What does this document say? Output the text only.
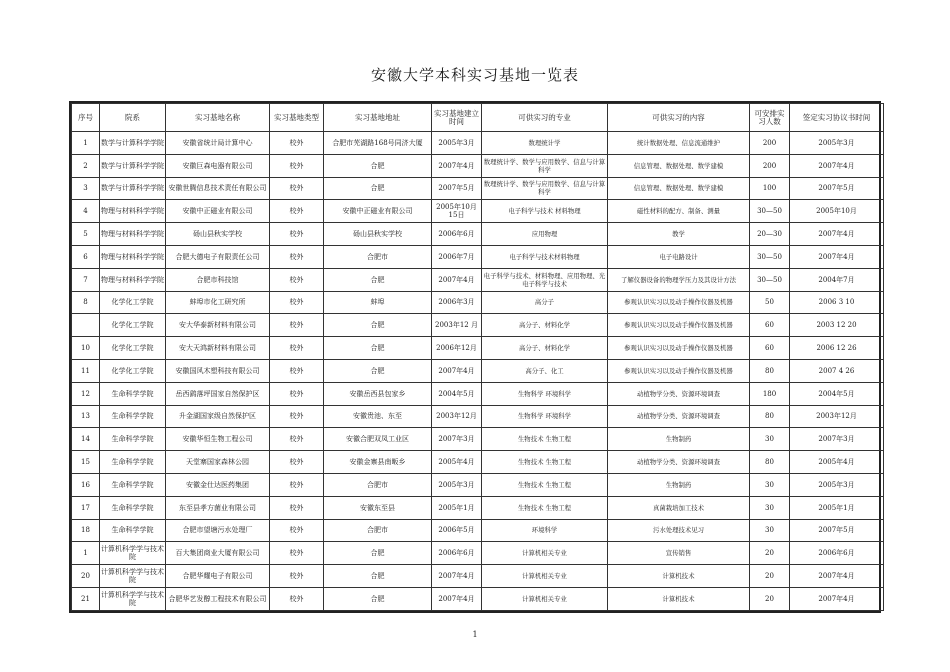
安徽大学本科实习基地一览表
序号	院系	实习基地名称	实习基地类型	实习基地地址	实习基地建立时间	可供实习的专业	可供实习的内容	可安排实习人数	签定实习协议书时间
1	数学与计算科学学院	安徽省统计局计算中心	校外	合肥市芜湖路168号同济大厦	2005年3月	数理统计学	统计数据处理、信息流通维护	200	2005年3月
2	数学与计算科学学院	安徽巨森电器有限公司	校外	合肥	2007年4月	数理统计学、数学与应用数学、信息与计算科学	信息管理、数据处理、数学建模	200	2007年4月
3	数学与计算科学学院	安徽世腾信息技术责任有限公司	校外	合肥	2007年5月	数理统计学、数学与应用数学、信息与计算科学	信息管理、数据处理、数学建模	100	2007年5月
4	物理与材料科学学院	安徽中正磁业有限公司	校外	安徽中正磁业有限公司	2005年10月15日	电子科学与技术 材料物理	磁性材料的配方、制备、测量	30—50	2005年10月
5	物理与材料科学学院	砀山县秋实学校	校外	砀山县秋实学校	2006年6月	应用物理	教学	20—30	2007年4月
6	物理与材料科学学院	合肥大德电子有限责任公司	校外	合肥市	2006年7月	电子科学与技术材料物理	电子电路设计	30—50	2007年4月
7	物理与材料科学学院	合肥市科技馆	校外	合肥	2007年4月	电子科学与技术、材料物理、应用物理、光电子科学与技术	了解仪器设备的物理学压力及其设计方法	30—50	2004年7月
8	化学化工学院	蚌埠市化工研究所	校外	蚌埠	2006年3月	高分子	参观认识实习以及动手操作仪器及机器	50	2006 3 10
	化学化工学院	安大华泰新材料有限公司	校外	合肥	2003年12 月	高分子、材料化学	参观认识实习以及动手操作仪器及机器	60	2003 12 20
10	化学化工学院	安大天鸿新材料有限公司	校外	合肥	2006年12月	高分子、材料化学	参观认识实习以及动手操作仪器及机器	60	2006 12 26
11	化学化工学院	安徽国风木塑科技有限公司	校外	合肥	2007年4月	高分子、化工	参观认识实习以及动手操作仪器及机器	80	2007 4 26
12	生命科学学院	岳西鹞落坪国家自然保护区	校外	安徽岳西县包家乡	2004年5月	生物科学 环境科学	动植物学分类、资源环境调查	180	2004年5月
13	生命科学学院	升金湖国家级自然保护区	校外	安徽贵池、东至	2003年12月	生物科学 环境科学	动植物学分类、资源环境调查	80	2003年12月
14	生命科学学院	安徽华恒生物工程公司	校外	安徽合肥双凤工业区	2007年3月	生物技术 生物工程	生物制药	30	2007年3月
15	生命科学学院	天堂寨国家森林公园	校外	安徽金寨县南畈乡	2005年4月	生物技术 生物工程	动植物学分类、资源环境调查	80	2005年4月
16	生命科学学院	安徽金仕达医药集团	校外	合肥市	2005年3月	生物技术 生物工程	生物制药	30	2005年3月
17	生命科学学院	东至县孝方菌业有限公司	校外	安徽东至县	2005年1月	生物技术 生物工程	真菌栽培加工技术	30	2005年1月
18	生命科学学院	合肥市望塘污水处理厂	校外	合肥市	2006年5月	环境科学	污水处理技术见习	30	2007年5月
1	计算机科学学与技术院	百大集团商业大厦有限公司	校外	合肥	2006年6月	计算机相关专业	宣传销售	20	2006年6月
20	计算机科学学与技术院	合肥华耀电子有限公司	校外	合肥	2007年4月	计算机相关专业	计算机技术	20	2007年4月
21	计算机科学学与技术院	合肥华艺发醇工程技术有限公司	校外	合肥	2007年4月	计算机相关专业	计算机技术	20	2007年4月
1
